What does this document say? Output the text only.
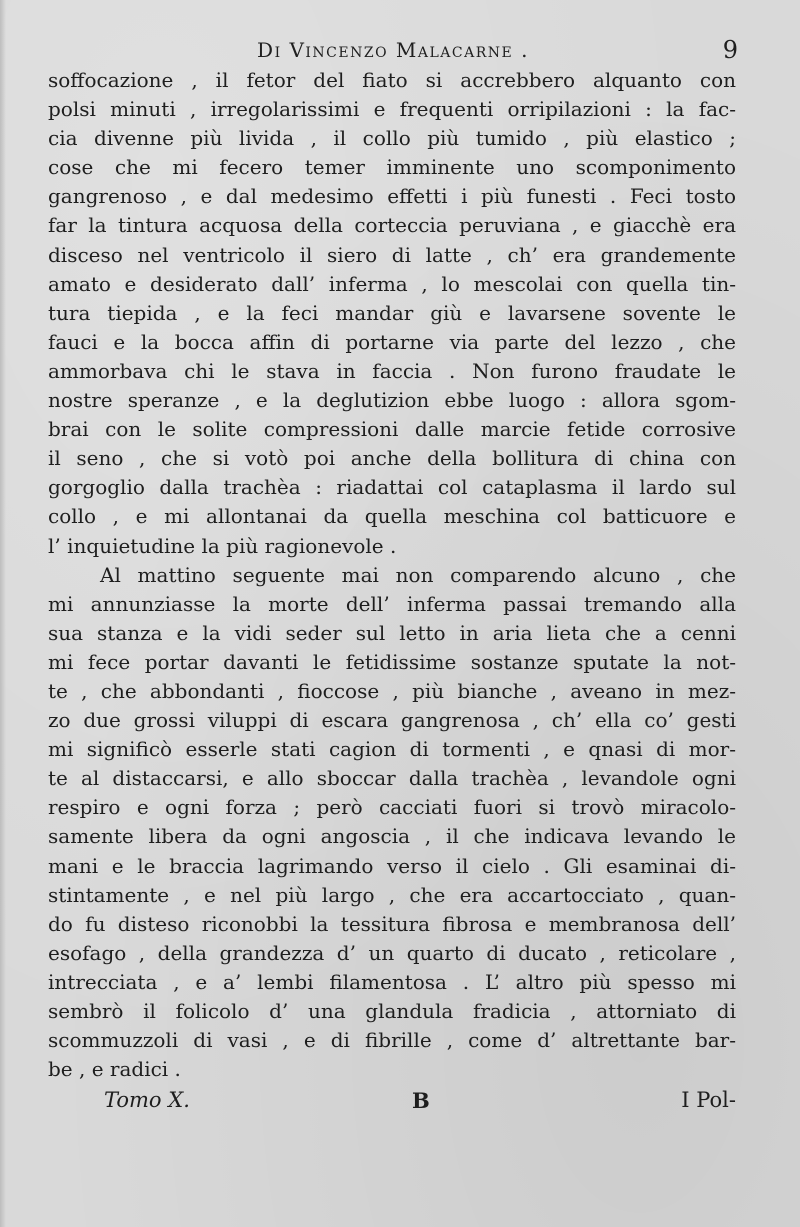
Di Vincenzo Malacarne .	9
soffocazione , il fetor del fiato si accrebbero alquanto con
polsi minuti , irregolarissimi e frequenti orripilazioni : la fac-
cia divenne più livida , il collo più tumido , più elastico ;
cose che mi fecero temer imminente uno scomponimento
gangrenoso , e dal medesimo effetti i più funesti . Feci tosto
far la tintura acquosa della corteccia peruviana , e giacchè era
disceso nel ventricolo il siero di latte , ch’ era grandemente
amato e desiderato dall’ inferma , lo mescolai con quella tin-
tura tiepida , e la feci mandar giù e lavarsene sovente le
fauci e la bocca affin di portarne via parte del lezzo , che
ammorbava chi le stava in faccia . Non furono fraudate le
nostre speranze , e la deglutizion ebbe luogo : allora sgom-
brai con le solite compressioni dalle marcie fetide corrosive
il seno , che si votò poi anche della bollitura di china con
gorgoglio dalla trachèa : riadattai col cataplasma il lardo sul
collo , e mi allontanai da quella meschina col batticuore e
l’ inquietudine la più ragionevole .
Al mattino seguente mai non comparendo alcuno , che
mi annunziasse la morte dell’ inferma passai tremando alla
sua stanza e la vidi seder sul letto in aria lieta che a cenni
mi fece portar davanti le fetidissime sostanze sputate la not-
te , che abbondanti , fioccose , più bianche , aveano in mez-
zo due grossi viluppi di escara gangrenosa , ch’ ella co’ gesti
mi significò esserle stati cagion di tormenti , e qnasi di mor-
te al distaccarsi, e allo sboccar dalla trachèa , levandole ogni
respiro e ogni forza ; però cacciati fuori si trovò miracolo-
samente libera da ogni angoscia , il che indicava levando le
mani e le braccia lagrimando verso il cielo . Gli esaminai di-
stintamente , e nel più largo , che era accartocciato , quan-
do fu disteso riconobbi la tessitura fibrosa e membranosa dell’
esofago , della grandezza d’ un quarto di ducato , reticolare ,
intrecciata , e a’ lembi filamentosa . L’ altro più spesso mi
sembrò il folicolo d’ una glandula fradicia , attorniato di
scommuzzoli di vasi , e di fibrille , come d’ altrettante bar-
be , e radici .
Tomo X.	B	I Pol-
